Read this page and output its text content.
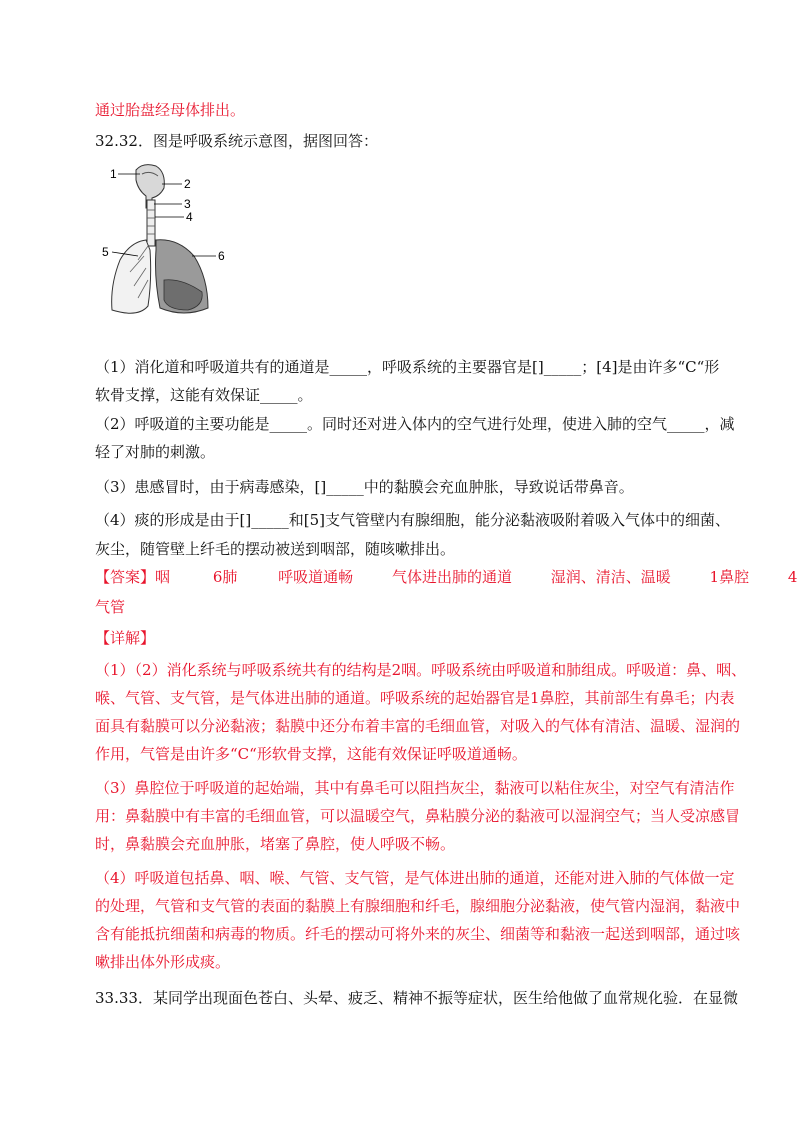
通过胎盘经母体排出。
32.32．图是呼吸系统示意图，据图回答：
1
2
3
4
5	6
（1）消化道和呼吸道共有的通道是_____，呼吸系统的主要器官是[]_____；[4]是由许多“C“形
软骨支撑，这能有效保证_____。
（2）呼吸道的主要功能是_____。同时还对进入体内的空气进行处理，使进入肺的空气_____，减
轻了对肺的刺激。
（3）患感冒时，由于病毒感染，[]_____中的黏膜会充血肿胀，导致说话带鼻音。
（4）痰的形成是由于[]_____和[5]支气管壁内有腺细胞，能分泌黏液吸附着吸入气体中的细菌、
灰尘，随管壁上纤毛的摆动被送到咽部，随咳嗽排出。
【答案】咽	6肺	呼吸道通畅	气体进出肺的通道	湿润、清洁、温暖	1鼻腔	4
气管
【详解】
（1）（2）消化系统与呼吸系统共有的结构是2咽。呼吸系统由呼吸道和肺组成。呼吸道：鼻、咽、
喉、气管、支气管，是气体进出肺的通道。呼吸系统的起始器官是1鼻腔，其前部生有鼻毛；内表
面具有黏膜可以分泌黏液；黏膜中还分布着丰富的毛细血管，对吸入的气体有清洁、温暖、湿润的
作用，气管是由许多“C“形软骨支撑，这能有效保证呼吸道通畅。
（3）鼻腔位于呼吸道的起始端，其中有鼻毛可以阻挡灰尘，黏液可以粘住灰尘，对空气有清洁作
用：鼻黏膜中有丰富的毛细血管，可以温暖空气，鼻粘膜分泌的黏液可以湿润空气；当人受凉感冒
时，鼻黏膜会充血肿胀，堵塞了鼻腔，使人呼吸不畅。
（4）呼吸道包括鼻、咽、喉、气管、支气管，是气体进出肺的通道，还能对进入肺的气体做一定
的处理，气管和支气管的表面的黏膜上有腺细胞和纤毛，腺细胞分泌黏液，使气管内湿润，黏液中
含有能抵抗细菌和病毒的物质。纤毛的摆动可将外来的灰尘、细菌等和黏液一起送到咽部，通过咳
嗽排出体外形成痰。
33.33．某同学出现面色苍白、头晕、疲乏、精神不振等症状，医生给他做了血常规化验．在显微
